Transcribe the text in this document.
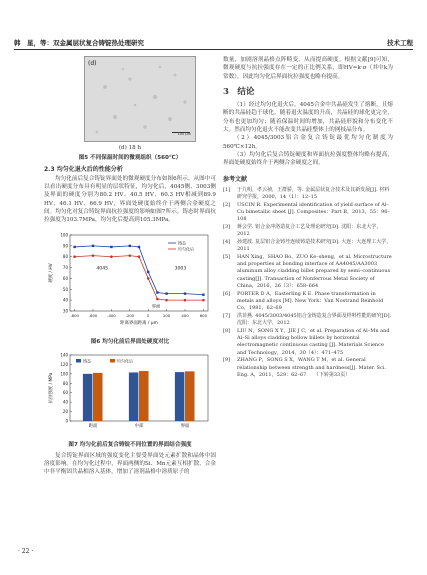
韩　星，等：双金属层状复合铸锭热处理研究	技术工程
(d)
100 μm
(d) 18 h
图5 不同保温时间的微观组织（560℃）
2.3 均匀化退火后的性能分析

均匀化前后复合铸锭界面处的微观硬度分布如图6所示。从图中可以看出硬度分布具有明显的层状特征，均匀化后，4045侧、3003侧及界面的硬度分别为80.2 HV、40.5 HV、60.3 HV相减到89.9 HV、46.1 HV、66.9 HV，界面处硬度始终介于两侧合金硬度之间。均匀化对复合铸锭界面抗拉强度的影响如图7所示。铸态时界面抗拉强度为103.7MPa，均匀化后提高到105.3MPa。

30
40
50
60
70
80
90
100
-800	-600	-400	-200	0	200	400	600
距离界面距离 / μm
硬度 / HV	4045	3003
界面
铸态
均匀化后
图6 均匀化前后界面处硬度对比
0
20
40
60
80
100
120
140
抗拉强度 / MPa
距面	中部	界面
铸态	均匀化后
图7 均匀化前后复合铸锭不同位置的界面结合强度

复合铸锭界面区域的强度变化主要受界面处元素扩散和晶体中固溶度影响。在均匀化过程中，界面两侧的Si、Mn元素互相扩散，合金中非平衡固共晶相溶入基体，增加了溶剂晶格中溶质原子的

数量，加剧溶剂晶格点阵畸变，从而提高硬度。根据文献[9]可知，微观硬度与抗拉强度存在一定的正比例关系，即HV≈k·σ（其中k为常数），因此均匀化后界面抗拉强度也略有提高。

3　结论

（1）经过均匀化退火后，4045合金中共晶硅发生了熔断，且熔断的共晶硅趋于球化。随着退火温度的升高，共晶硅的球化更完全，分布也更加均匀；随着保温时间的增加，共晶硅形貌和分布变化不大。然而均匀化退火不能改变共晶硅整体上的网枝晶分布。

（2）4045/3003铝合金复合铸锭最优均匀化制度为560℃×12h。

（3）均匀化后复合铸锭硬度和界面抗拉强度整体均略有提高，界面处硬度始终介于两侧合金硬度之间。

参考文献
[1]	于九明，孝云祯，王群骄，等. 金属层状复合技术及其新发展[J]. 材料研究学报，2000，14（1）：12–15
[2]	USCIN R. Experimental identification of yield surface of Al–Cu bimetallic sheet [J]. Composites：Part B，2013，55：96–108
[3]	蒋会学. 铝合金冲洛造复合工艺及理论研究[D]. 沈阳：东北大学，2012
[4]	孙建波. 复层铝合金铸坯连续铸造技术研究[D]. 大连：大连理工大学，2011
[5]	HAN Xing，SHAO Bo，ZUO Ke–sheng，et al. Microstructure and properties at bonding interface of AA4045/AA3003 aluminum alloy cladding billet prepared by semi–continuous casting[J]. Transaction of Nonferrous Metal Society of China，2016，26（3）：658–664
[6]	PORTER D A，Easterling K E. Phase transformation in metals and alloys [M]. New York：Van Nostrand Reinhold Co，1981，62–69
[7]	洪菲燕. 4045/3003/4045铝合金铸造复合界面及样料性能的研究[D]. 沈阳：东北大学，2012
[8]	LIU N，SONG X Y，JIE J C，et al. Preparation of Al–Mn and Al–Si alloys cladding hollow billets by horizontal electromagnetic continuous casting [J]. Materials Science and Technology，2014，30（4）：471–475
[9]	ZHANG P，SONG S X，WANG T M，et al. General relationship between strength and hardness[J]. Mater. Sci. Eng. A，2011，529：62–67　　（下转第33页）
· 22 ·
